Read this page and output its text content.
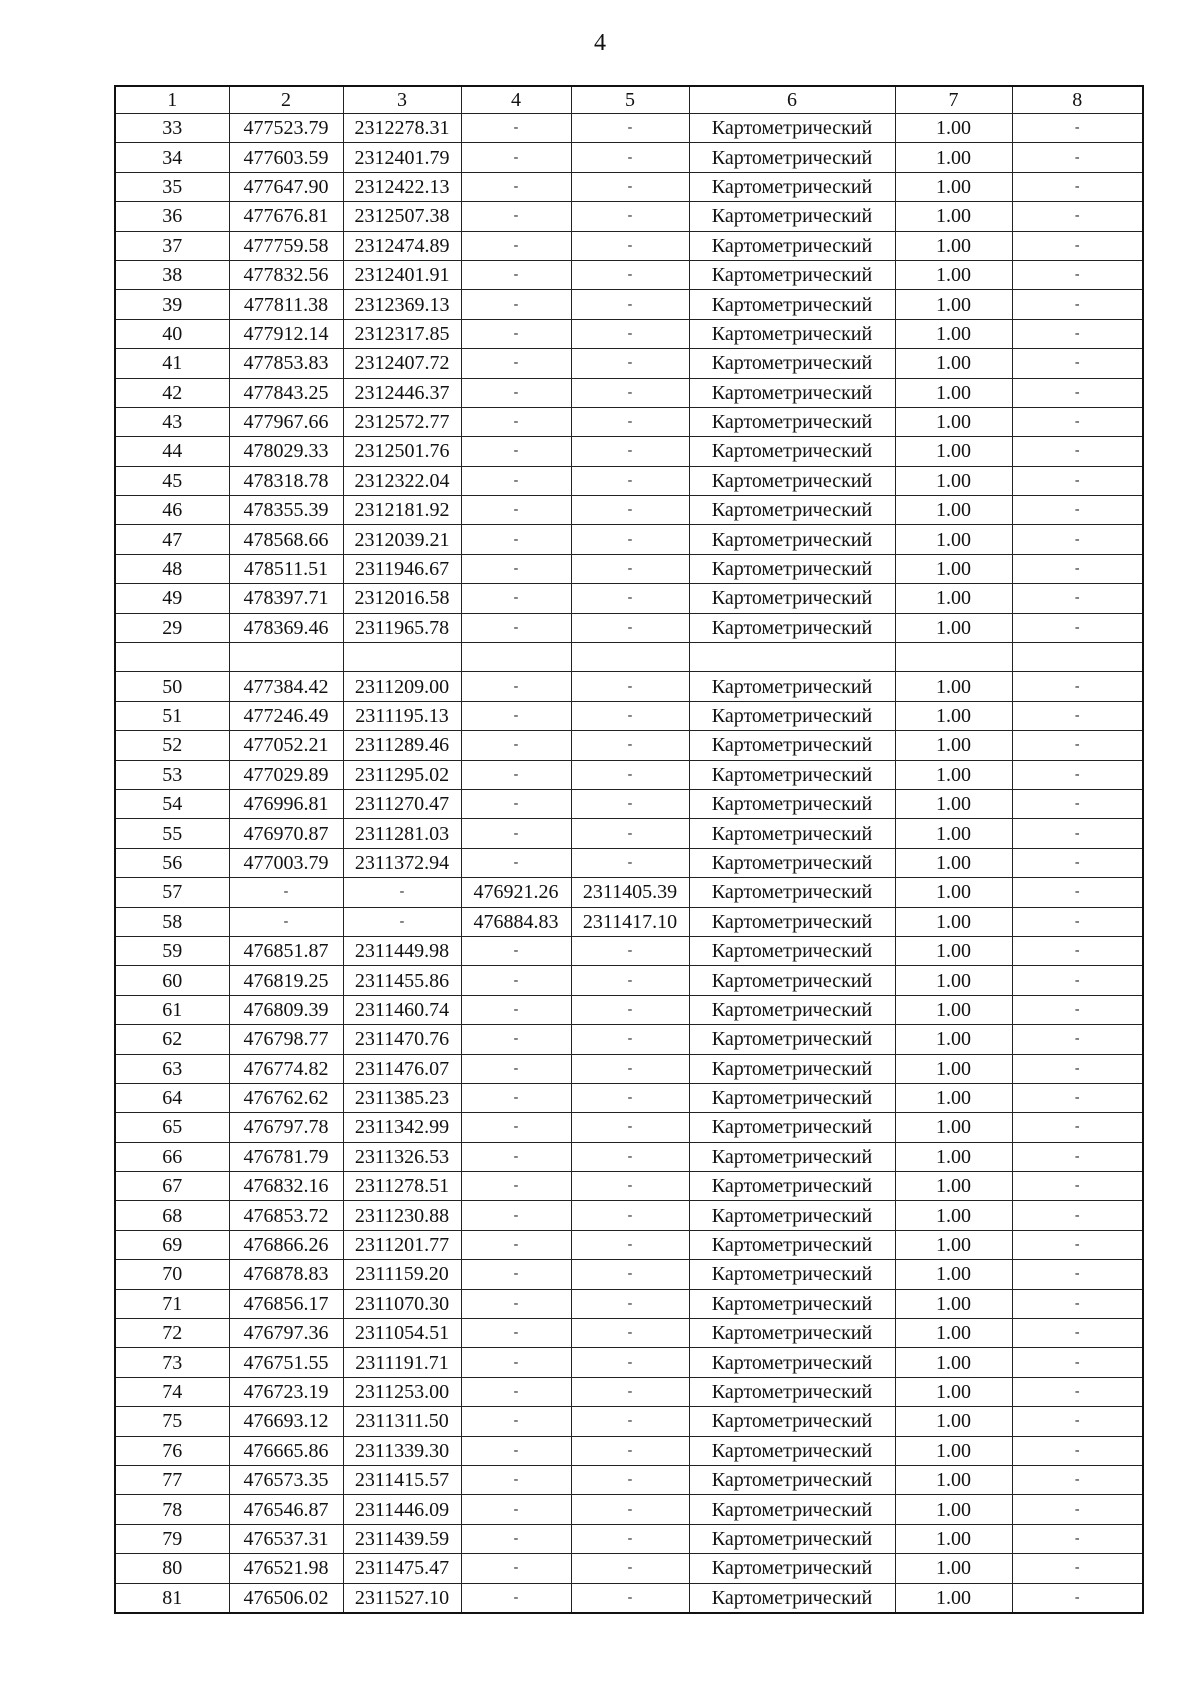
4
1	2	3	4	5	6	7	8
33	477523.79	2312278.31	-	-	Картометрический	1.00	-
34	477603.59	2312401.79	-	-	Картометрический	1.00	-
35	477647.90	2312422.13	-	-	Картометрический	1.00	-
36	477676.81	2312507.38	-	-	Картометрический	1.00	-
37	477759.58	2312474.89	-	-	Картометрический	1.00	-
38	477832.56	2312401.91	-	-	Картометрический	1.00	-
39	477811.38	2312369.13	-	-	Картометрический	1.00	-
40	477912.14	2312317.85	-	-	Картометрический	1.00	-
41	477853.83	2312407.72	-	-	Картометрический	1.00	-
42	477843.25	2312446.37	-	-	Картометрический	1.00	-
43	477967.66	2312572.77	-	-	Картометрический	1.00	-
44	478029.33	2312501.76	-	-	Картометрический	1.00	-
45	478318.78	2312322.04	-	-	Картометрический	1.00	-
46	478355.39	2312181.92	-	-	Картометрический	1.00	-
47	478568.66	2312039.21	-	-	Картометрический	1.00	-
48	478511.51	2311946.67	-	-	Картометрический	1.00	-
49	478397.71	2312016.58	-	-	Картометрический	1.00	-
29	478369.46	2311965.78	-	-	Картометрический	1.00	-

50	477384.42	2311209.00	-	-	Картометрический	1.00	-
51	477246.49	2311195.13	-	-	Картометрический	1.00	-
52	477052.21	2311289.46	-	-	Картометрический	1.00	-
53	477029.89	2311295.02	-	-	Картометрический	1.00	-
54	476996.81	2311270.47	-	-	Картометрический	1.00	-
55	476970.87	2311281.03	-	-	Картометрический	1.00	-
56	477003.79	2311372.94	-	-	Картометрический	1.00	-
57	-	-	476921.26	2311405.39	Картометрический	1.00	-
58	-	-	476884.83	2311417.10	Картометрический	1.00	-
59	476851.87	2311449.98	-	-	Картометрический	1.00	-
60	476819.25	2311455.86	-	-	Картометрический	1.00	-
61	476809.39	2311460.74	-	-	Картометрический	1.00	-
62	476798.77	2311470.76	-	-	Картометрический	1.00	-
63	476774.82	2311476.07	-	-	Картометрический	1.00	-
64	476762.62	2311385.23	-	-	Картометрический	1.00	-
65	476797.78	2311342.99	-	-	Картометрический	1.00	-
66	476781.79	2311326.53	-	-	Картометрический	1.00	-
67	476832.16	2311278.51	-	-	Картометрический	1.00	-
68	476853.72	2311230.88	-	-	Картометрический	1.00	-
69	476866.26	2311201.77	-	-	Картометрический	1.00	-
70	476878.83	2311159.20	-	-	Картометрический	1.00	-
71	476856.17	2311070.30	-	-	Картометрический	1.00	-
72	476797.36	2311054.51	-	-	Картометрический	1.00	-
73	476751.55	2311191.71	-	-	Картометрический	1.00	-
74	476723.19	2311253.00	-	-	Картометрический	1.00	-
75	476693.12	2311311.50	-	-	Картометрический	1.00	-
76	476665.86	2311339.30	-	-	Картометрический	1.00	-
77	476573.35	2311415.57	-	-	Картометрический	1.00	-
78	476546.87	2311446.09	-	-	Картометрический	1.00	-
79	476537.31	2311439.59	-	-	Картометрический	1.00	-
80	476521.98	2311475.47	-	-	Картометрический	1.00	-
81	476506.02	2311527.10	-	-	Картометрический	1.00	-
